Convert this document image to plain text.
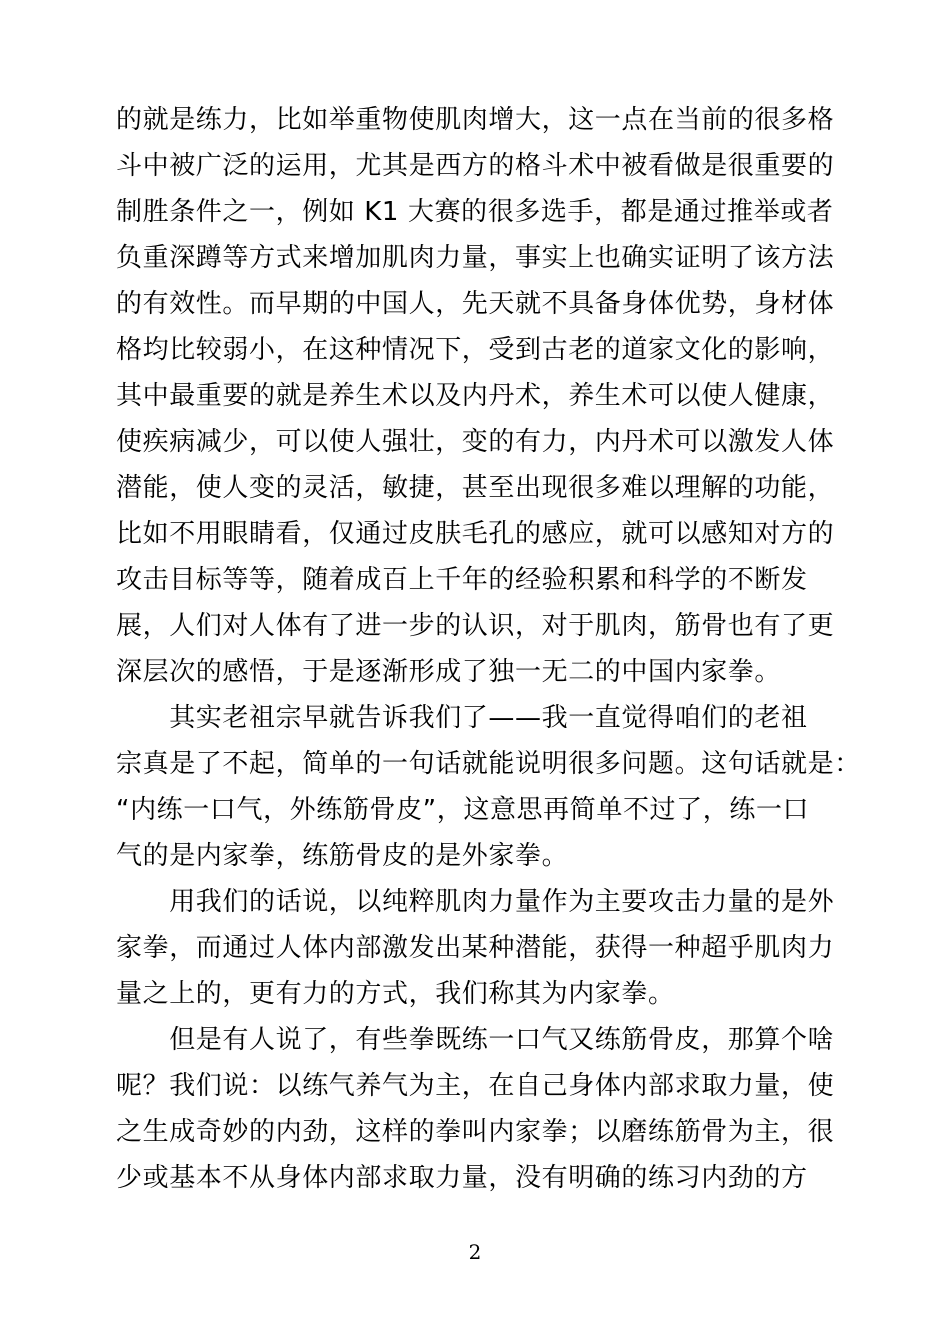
的就是练力，比如举重物使肌肉增大，这一点在当前的很多格
斗中被广泛的运用，尤其是西方的格斗术中被看做是很重要的
制胜条件之一，例如 K1 大赛的很多选手，都是通过推举或者
负重深蹲等方式来增加肌肉力量，事实上也确实证明了该方法
的有效性。而早期的中国人，先天就不具备身体优势，身材体
格均比较弱小，在这种情况下，受到古老的道家文化的影响，
其中最重要的就是养生术以及内丹术，养生术可以使人健康，
使疾病减少，可以使人强壮，变的有力，内丹术可以激发人体
潜能，使人变的灵活，敏捷，甚至出现很多难以理解的功能，
比如不用眼睛看，仅通过皮肤毛孔的感应，就可以感知对方的
攻击目标等等，随着成百上千年的经验积累和科学的不断发
展，人们对人体有了进一步的认识，对于肌肉，筋骨也有了更
深层次的感悟，于是逐渐形成了独一无二的中国内家拳。
　　其实老祖宗早就告诉我们了——我一直觉得咱们的老祖
宗真是了不起，简单的一句话就能说明很多问题。这句话就是：
“内练一口气，外练筋骨皮”，这意思再简单不过了，练一口
气的是内家拳，练筋骨皮的是外家拳。
　　用我们的话说，以纯粹肌肉力量作为主要攻击力量的是外
家拳，而通过人体内部激发出某种潜能，获得一种超乎肌肉力
量之上的，更有力的方式，我们称其为内家拳。
　　但是有人说了，有些拳既练一口气又练筋骨皮，那算个啥
呢？我们说：以练气养气为主，在自己身体内部求取力量，使
之生成奇妙的内劲，这样的拳叫内家拳；以磨练筋骨为主，很
少或基本不从身体内部求取力量，没有明确的练习内劲的方
2
